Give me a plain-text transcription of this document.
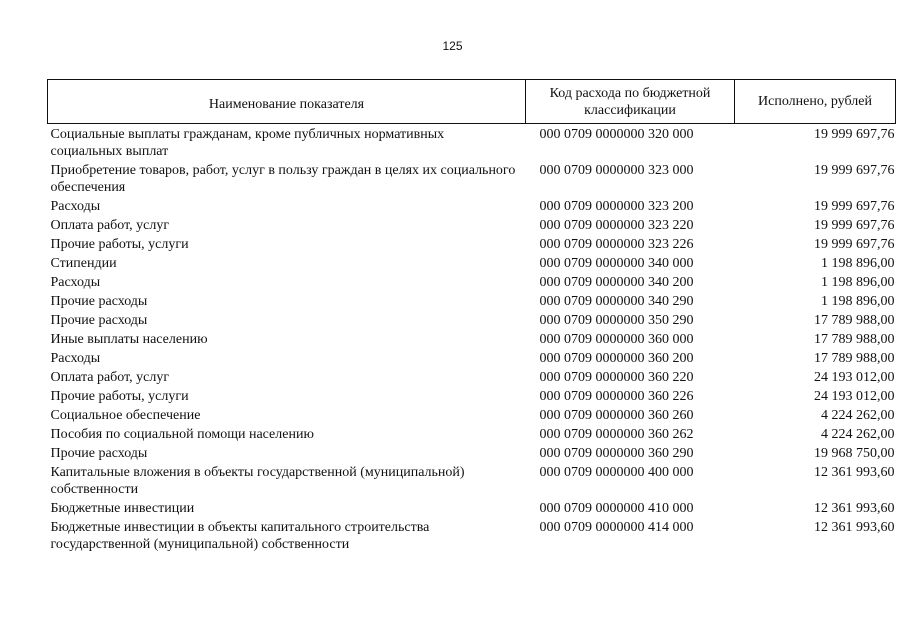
125
Наименование показателя	Код расхода по бюджетной классификации	Исполнено, рублей
Социальные выплаты гражданам, кроме публичных нормативных социальных выплат	000 0709 0000000 320 000	19 999 697,76
Приобретение товаров, работ, услуг в пользу граждан в целях их социального обеспечения	000 0709 0000000 323 000	19 999 697,76
Расходы	000 0709 0000000 323 200	19 999 697,76
Оплата работ, услуг	000 0709 0000000 323 220	19 999 697,76
Прочие работы, услуги	000 0709 0000000 323 226	19 999 697,76
Стипендии	000 0709 0000000 340 000	1 198 896,00
Расходы	000 0709 0000000 340 200	1 198 896,00
Прочие расходы	000 0709 0000000 340 290	1 198 896,00
Прочие расходы	000 0709 0000000 350 290	17 789 988,00
Иные выплаты населению	000 0709 0000000 360 000	17 789 988,00
Расходы	000 0709 0000000 360 200	17 789 988,00
Оплата работ, услуг	000 0709 0000000 360 220	24 193 012,00
Прочие работы, услуги	000 0709 0000000 360 226	24 193 012,00
Социальное обеспечение	000 0709 0000000 360 260	4 224 262,00
Пособия по социальной помощи населению	000 0709 0000000 360 262	4 224 262,00
Прочие расходы	000 0709 0000000 360 290	19 968 750,00
Капитальные вложения в объекты государственной (муниципальной) собственности	000 0709 0000000 400 000	12 361 993,60
Бюджетные инвестиции	000 0709 0000000 410 000	12 361 993,60
Бюджетные инвестиции в объекты капитального строительства государственной (муниципальной) собственности	000 0709 0000000 414 000	12 361 993,60
